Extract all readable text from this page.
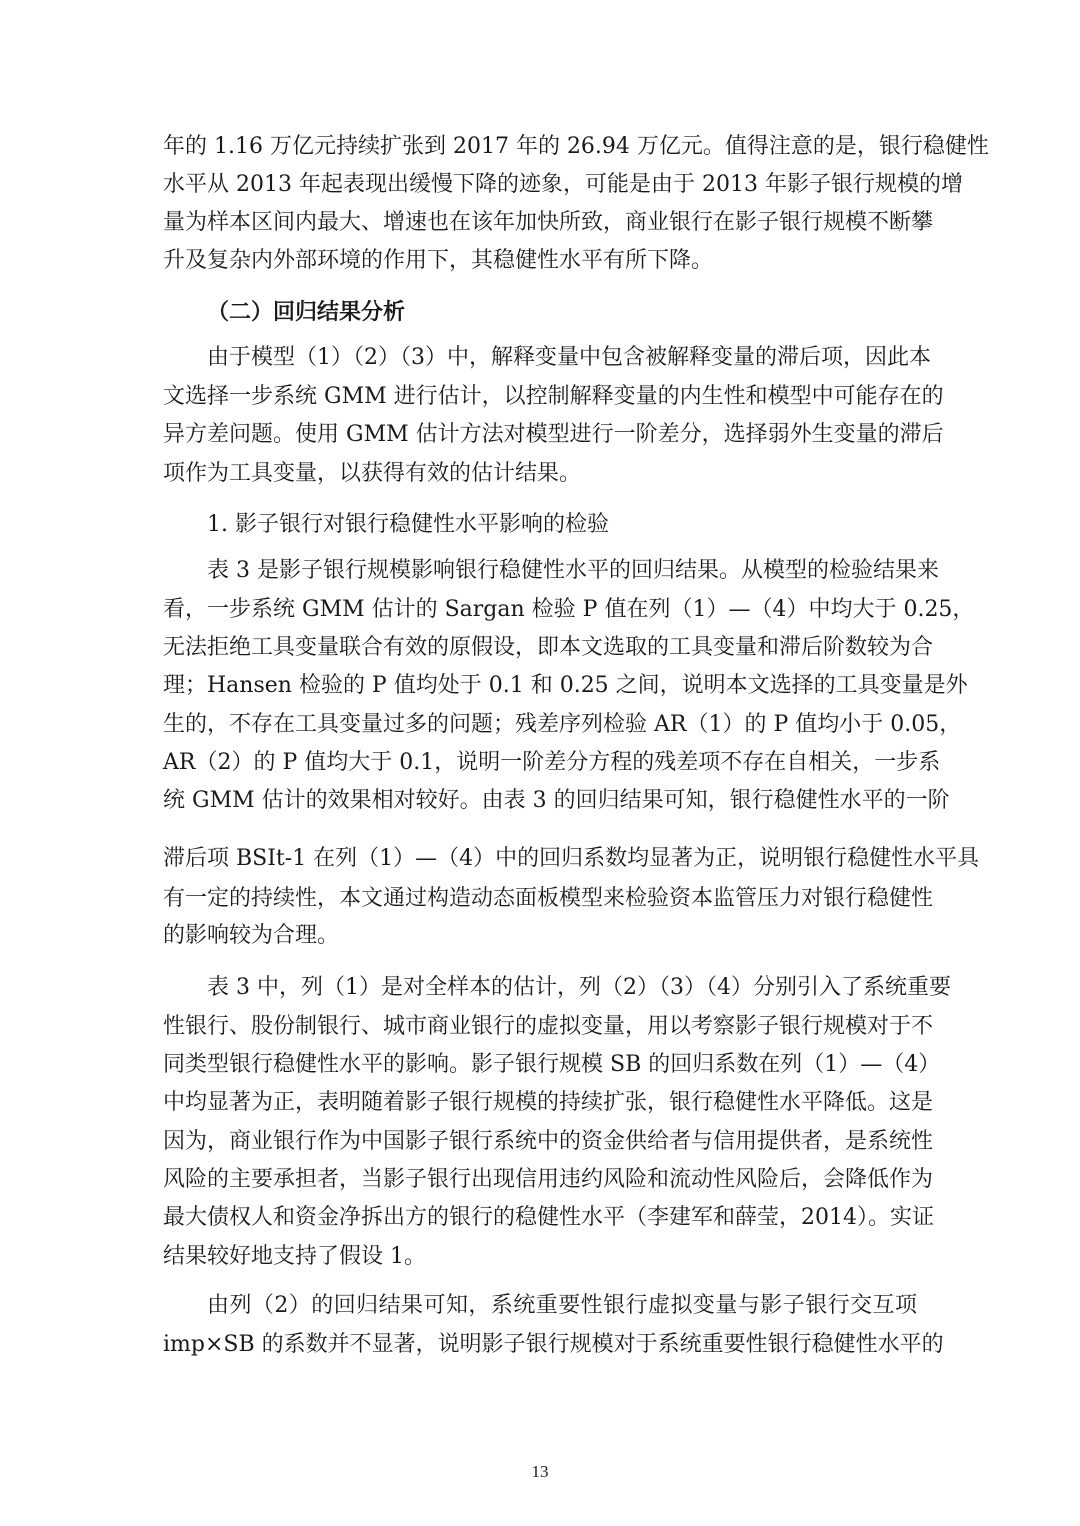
年的 1.16 万亿元持续扩张到 2017 年的 26.94 万亿元。值得注意的是，银行稳健性
水平从 2013 年起表现出缓慢下降的迹象，可能是由于 2013 年影子银行规模的增
量为样本区间内最大、增速也在该年加快所致，商业银行在影子银行规模不断攀
升及复杂内外部环境的作用下，其稳健性水平有所下降。
（二）回归结果分析
由于模型（1）（2）（3）中，解释变量中包含被解释变量的滞后项，因此本
文选择一步系统 GMM 进行估计，以控制解释变量的内生性和模型中可能存在的
异方差问题。使用 GMM 估计方法对模型进行一阶差分，选择弱外生变量的滞后
项作为工具变量，以获得有效的估计结果。
1. 影子银行对银行稳健性水平影响的检验
表 3 是影子银行规模影响银行稳健性水平的回归结果。从模型的检验结果来
看，一步系统 GMM 估计的 Sargan 检验 P 值在列（1）—（4）中均大于 0.25，
无法拒绝工具变量联合有效的原假设，即本文选取的工具变量和滞后阶数较为合
理；Hansen 检验的 P 值均处于 0.1 和 0.25 之间，说明本文选择的工具变量是外
生的，不存在工具变量过多的问题；残差序列检验 AR（1）的 P 值均小于 0.05，
AR（2）的 P 值均大于 0.1，说明一阶差分方程的残差项不存在自相关，一步系
统 GMM 估计的效果相对较好。由表 3 的回归结果可知，银行稳健性水平的一阶
滞后项 BSIt-1 在列（1）—（4）中的回归系数均显著为正，说明银行稳健性水平具
有一定的持续性，本文通过构造动态面板模型来检验资本监管压力对银行稳健性
的影响较为合理。
表 3 中，列（1）是对全样本的估计，列（2）（3）（4）分别引入了系统重要
性银行、股份制银行、城市商业银行的虚拟变量，用以考察影子银行规模对于不
同类型银行稳健性水平的影响。影子银行规模 SB 的回归系数在列（1）—（4）
中均显著为正，表明随着影子银行规模的持续扩张，银行稳健性水平降低。这是
因为，商业银行作为中国影子银行系统中的资金供给者与信用提供者，是系统性
风险的主要承担者，当影子银行出现信用违约风险和流动性风险后，会降低作为
最大债权人和资金净拆出方的银行的稳健性水平（李建军和薛莹，2014）。实证
结果较好地支持了假设 1。
由列（2）的回归结果可知，系统重要性银行虚拟变量与影子银行交互项
imp×SB 的系数并不显著，说明影子银行规模对于系统重要性银行稳健性水平的
13
